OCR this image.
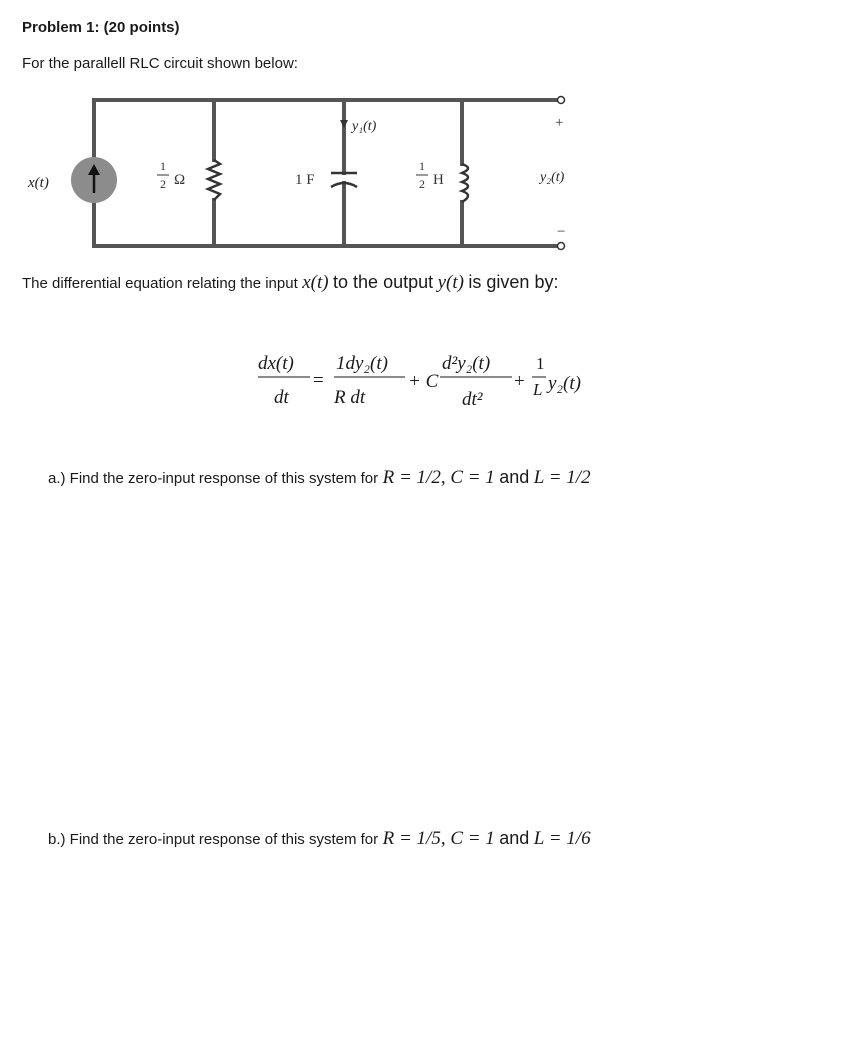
Problem 1: (20 points)
For the parallell RLC circuit shown below:
x(t)
1
2 Ω	1 F
y₁(t)
1
2 H
+
−
y₂(t)
The differential equation relating the input x(t) to the output y(t) is given by:
dx(t)
dt
=
1dy₂(t)
R dt
+ C
d²y₂(t)
dt²
+
1
L y₂(t)
a.) Find the zero-input response of this system for R = 1/2, C = 1 and L = 1/2
b.) Find the zero-input response of this system for R = 1/5, C = 1 and L = 1/6
